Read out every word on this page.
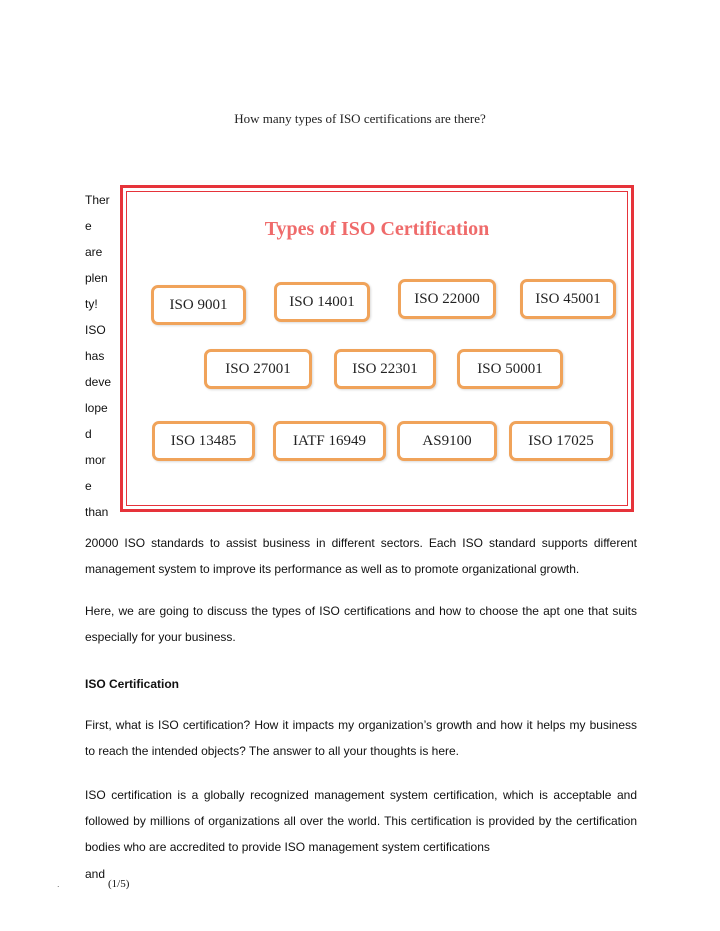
How many types of ISO certifications are there?
Ther
e
are
plen
ty!
ISO
has
deve
lope
d
mor
e
than
Types of ISO Certification
ISO 9001	ISO 14001	ISO 22000	ISO 45001
ISO 27001	ISO 22301	ISO 50001
ISO 13485	IATF 16949	AS9100	ISO 17025
20000 ISO standards to assist business in different sectors. Each ISO standard supports different management system to improve its performance as well as to promote organizational growth.
Here, we are going to discuss the types of ISO certifications and how to choose the apt one that suits especially for your business.
ISO Certification
First, what is ISO certification? How it impacts my organization’s growth and how it helps my business to reach the intended objects? The answer to all your thoughts is here.
ISO certification is a globally recognized management system certification, which is acceptable and followed by millions of organizations all over the world. This certification is provided by the certification bodies who are accredited to provide ISO management system certifications
and
.	(1/5)
